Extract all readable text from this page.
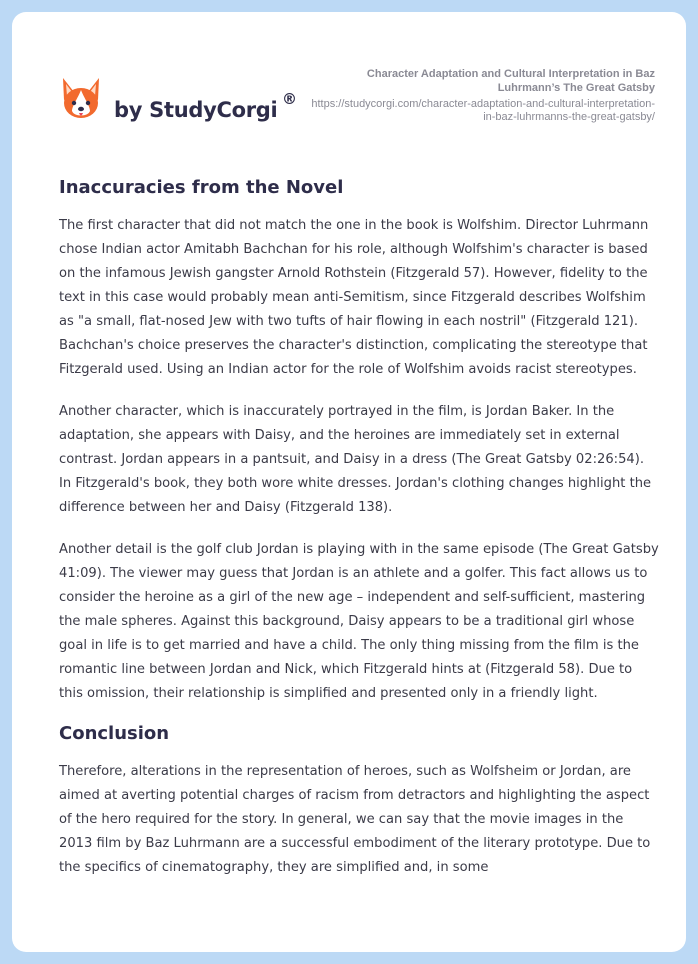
by StudyCorgi ®
Character Adaptation and Cultural Interpretation in Baz Luhrmann’s The Great Gatsby
https://studycorgi.com/character-adaptation-and-cultural-interpretation-in-baz-luhrmanns-the-great-gatsby/
Inaccuracies from the Novel

The first character that did not match the one in the book is Wolfshim. Director Luhrmann chose Indian actor Amitabh Bachchan for his role, although Wolfshim's character is based on the infamous Jewish gangster Arnold Rothstein (Fitzgerald 57). However, fidelity to the text in this case would probably mean anti-Semitism, since Fitzgerald describes Wolfshim as "a small, flat-nosed Jew with two tufts of hair flowing in each nostril" (Fitzgerald 121). Bachchan's choice preserves the character's distinction, complicating the stereotype that Fitzgerald used. Using an Indian actor for the role of Wolfshim avoids racist stereotypes.

Another character, which is inaccurately portrayed in the film, is Jordan Baker. In the adaptation, she appears with Daisy, and the heroines are immediately set in external contrast. Jordan appears in a pantsuit, and Daisy in a dress (The Great Gatsby 02:26:54). In Fitzgerald's book, they both wore white dresses. Jordan's clothing changes highlight the difference between her and Daisy (Fitzgerald 138).

Another detail is the golf club Jordan is playing with in the same episode (The Great Gatsby 41:09). The viewer may guess that Jordan is an athlete and a golfer. This fact allows us to consider the heroine as a girl of the new age – independent and self-sufficient, mastering the male spheres. Against this background, Daisy appears to be a traditional girl whose goal in life is to get married and have a child. The only thing missing from the film is the romantic line between Jordan and Nick, which Fitzgerald hints at (Fitzgerald 58). Due to this omission, their relationship is simplified and presented only in a friendly light.

Conclusion

Therefore, alterations in the representation of heroes, such as Wolfsheim or Jordan, are aimed at averting potential charges of racism from detractors and highlighting the aspect of the hero required for the story. In general, we can say that the movie images in the 2013 film by Baz Luhrmann are a successful embodiment of the literary prototype. Due to the specifics of cinematography, they are simplified and, in some
